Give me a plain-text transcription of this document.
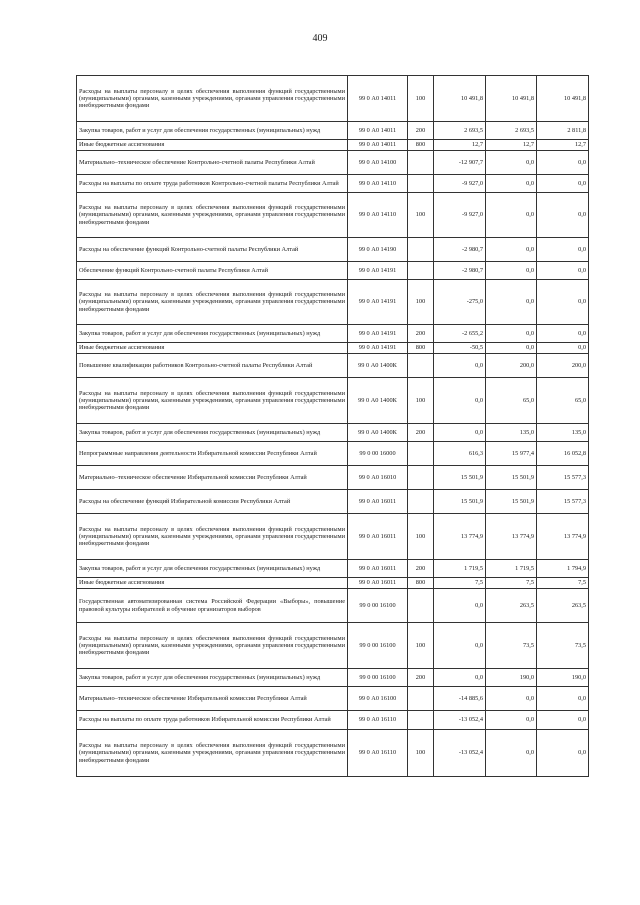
409
Расходы на выплаты персоналу в целях обеспечения выполнения функций государственными (муниципальными) органами, казенными учреждениями, органами управления государственными внебюджетными фондами	99 0 А0 14011	100	10 491,8	10 491,8	10 491,8
Закупка товаров, работ и услуг для обеспечения государственных (муниципальных) нужд	99 0 А0 14011	200	2 693,5	2 693,5	2 811,8
Иные бюджетные ассигнования	99 0 А0 14011	800	12,7	12,7	12,7
Материально–техническое обеспечение Контрольно-счетной палаты Республики Алтай	99 0 А0 14100		-12 907,7	0,0	0,0
Расходы на выплаты по оплате труда работников Контрольно-счетной палаты Республики Алтай	99 0 А0 14110		-9 927,0	0,0	0,0
Расходы на выплаты персоналу в целях обеспечения выполнения функций государственными (муниципальными) органами, казенными учреждениями, органами управления государственными внебюджетными фондами	99 0 А0 14110	100	-9 927,0	0,0	0,0
Расходы на обеспечение функций Контрольно-счетной палаты Республики Алтай	99 0 А0 14190		-2 980,7	0,0	0,0
Обеспечение функций Контрольно-счетной палаты Республики Алтай	99 0 А0 14191		-2 980,7	0,0	0,0
Расходы на выплаты персоналу в целях обеспечения выполнения функций государственными (муниципальными) органами, казенными учреждениями, органами управления государственными внебюджетными фондами	99 0 А0 14191	100	-275,0	0,0	0,0
Закупка товаров, работ и услуг для обеспечения государственных (муниципальных) нужд	99 0 А0 14191	200	-2 655,2	0,0	0,0
Иные бюджетные ассигнования	99 0 А0 14191	800	-50,5	0,0	0,0
Повышение квалификации работников Контрольно-счетной палаты Республики Алтай	99 0 А0 1400К		0,0	200,0	200,0
Расходы на выплаты персоналу в целях обеспечения выполнения функций государственными (муниципальными) органами, казенными учреждениями, органами управления государственными внебюджетными фондами	99 0 А0 1400К	100	0,0	65,0	65,0
Закупка товаров, работ и услуг для обеспечения государственных (муниципальных) нужд	99 0 А0 1400К	200	0,0	135,0	135,0
Непрограммные направления деятельности Избирательной комиссии Республики Алтай	99 0 00 16000		616,3	15 977,4	16 052,8
Материально–техническое обеспечение Избирательной комиссии Республики Алтай	99 0 А0 16010		15 501,9	15 501,9	15 577,3
Расходы на обеспечение функций Избирательной комиссии Республики Алтай	99 0 А0 16011		15 501,9	15 501,9	15 577,3
Расходы на выплаты персоналу в целях обеспечения выполнения функций государственными (муниципальными) органами, казенными учреждениями, органами управления государственными внебюджетными фондами	99 0 А0 16011	100	13 774,9	13 774,9	13 774,9
Закупка товаров, работ и услуг для обеспечения государственных (муниципальных) нужд	99 0 А0 16011	200	1 719,5	1 719,5	1 794,9
Иные бюджетные ассигнования	99 0 А0 16011	800	7,5	7,5	7,5
Государственная автоматизированная система Российской Федерации «Выборы», повышение правовой культуры избирателей и обучение организаторов выборов	99 0 00 16100		0,0	263,5	263,5
Расходы на выплаты персоналу в целях обеспечения выполнения функций государственными (муниципальными) органами, казенными учреждениями, органами управления государственными внебюджетными фондами	99 0 00 16100	100	0,0	73,5	73,5
Закупка товаров, работ и услуг для обеспечения государственных (муниципальных) нужд	99 0 00 16100	200	0,0	190,0	190,0
Материально–техническое обеспечение Избирательной комиссии Республики Алтай	99 0 А0 16100		-14 885,6	0,0	0,0
Расходы на выплаты по оплате труда работников Избирательной комиссии Республики Алтай	99 0 А0 16110		-13 052,4	0,0	0,0
Расходы на выплаты персоналу в целях обеспечения выполнения функций государственными (муниципальными) органами, казенными учреждениями, органами управления государственными внебюджетными фондами	99 0 А0 16110	100	-13 052,4	0,0	0,0
